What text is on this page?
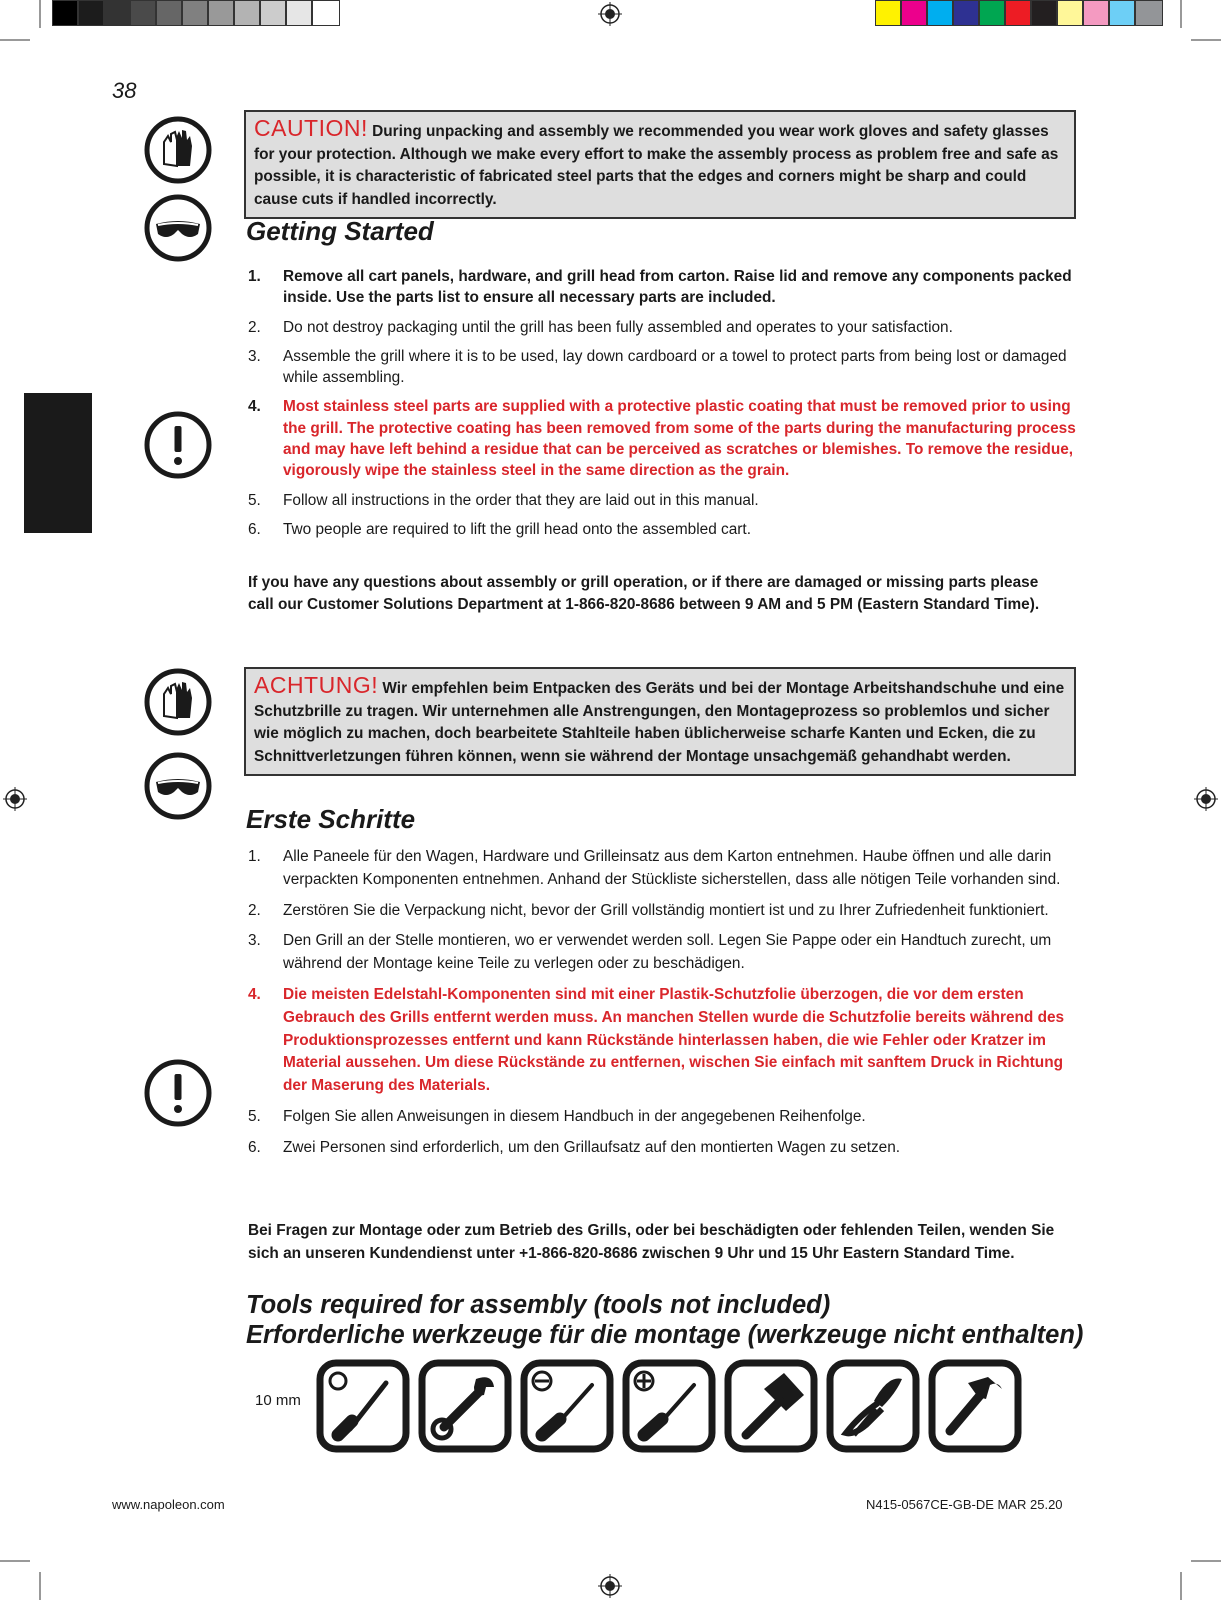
38
CAUTION! During unpacking and assembly we recommended you wear work gloves and safety glasses for your protection. Although we make every effort to make the assembly process as problem free and safe as possible, it is characteristic of fabricated steel parts that the edges and corners might be sharp and could cause cuts if handled incorrectly.
Getting Started
1.	Remove all cart panels, hardware, and grill head from carton. Raise lid and remove any components packed inside. Use the parts list to ensure all necessary parts are included.
2.	Do not destroy packaging until the grill has been fully assembled and operates to your satisfaction.
3.	Assemble the grill where it is to be used, lay down cardboard or a towel to protect parts from being lost or damaged while assembling.
4.	Most stainless steel parts are supplied with a protective plastic coating that must be removed prior to using the grill. The protective coating has been removed from some of the parts during the manufacturing process and may have left behind a residue that can be perceived as scratches or blemishes. To remove the residue, vigorously wipe the stainless steel in the same direction as the grain.
5.	Follow all instructions in the order that they are laid out in this manual.
6.	Two people are required to lift the grill head onto the assembled cart.
If you have any questions about assembly or grill operation, or if there are damaged or missing parts please call our Customer Solutions Department at 1-866-820-8686 between 9 AM and 5 PM (Eastern Standard Time).
ACHTUNG! Wir empfehlen beim Entpacken des Geräts und bei der Montage Arbeitshandschuhe und eine Schutzbrille zu tragen. Wir unternehmen alle Anstrengungen, den Montageprozess so problemlos und sicher wie möglich zu machen, doch bearbeitete Stahlteile haben üblicherweise scharfe Kanten und Ecken, die zu Schnittverletzungen führen können, wenn sie während der Montage unsachgemäß gehandhabt werden.
Erste Schritte
1.	Alle Paneele für den Wagen, Hardware und Grilleinsatz aus dem Karton entnehmen. Haube öffnen und alle darin verpackten Komponenten entnehmen. Anhand der Stückliste sicherstellen, dass alle nötigen Teile vorhanden sind.
2.	Zerstören Sie die Verpackung nicht, bevor der Grill vollständig montiert ist und zu Ihrer Zufriedenheit funktioniert.
3.	Den Grill an der Stelle montieren, wo er verwendet werden soll. Legen Sie Pappe oder ein Handtuch zurecht, um während der Montage keine Teile zu verlegen oder zu beschädigen.
4.	Die meisten Edelstahl-Komponenten sind mit einer Plastik-Schutzfolie überzogen, die vor dem ersten Gebrauch des Grills entfernt werden muss. An manchen Stellen wurde die Schutzfolie bereits während des Produktionsprozesses entfernt und kann Rückstände hinterlassen haben, die wie Fehler oder Kratzer im Material aussehen. Um diese Rückstände zu entfernen, wischen Sie einfach mit sanftem Druck in Richtung der Maserung des Materials.
5.	Folgen Sie allen Anweisungen in diesem Handbuch in der angegebenen Reihenfolge.
6.	Zwei Personen sind erforderlich, um den Grillaufsatz auf den montierten Wagen zu setzen.
Bei Fragen zur Montage oder zum Betrieb des Grills, oder bei beschädigten oder fehlenden Teilen, wenden Sie sich an unseren Kundendienst unter +1-866-820-8686 zwischen 9 Uhr und 15 Uhr Eastern Standard Time.
Tools required for assembly (tools not included)
Erforderliche werkzeuge für die montage (werkzeuge nicht enthalten)
10 mm
www.napoleon.com	N415-0567CE-GB-DE MAR 25.20
